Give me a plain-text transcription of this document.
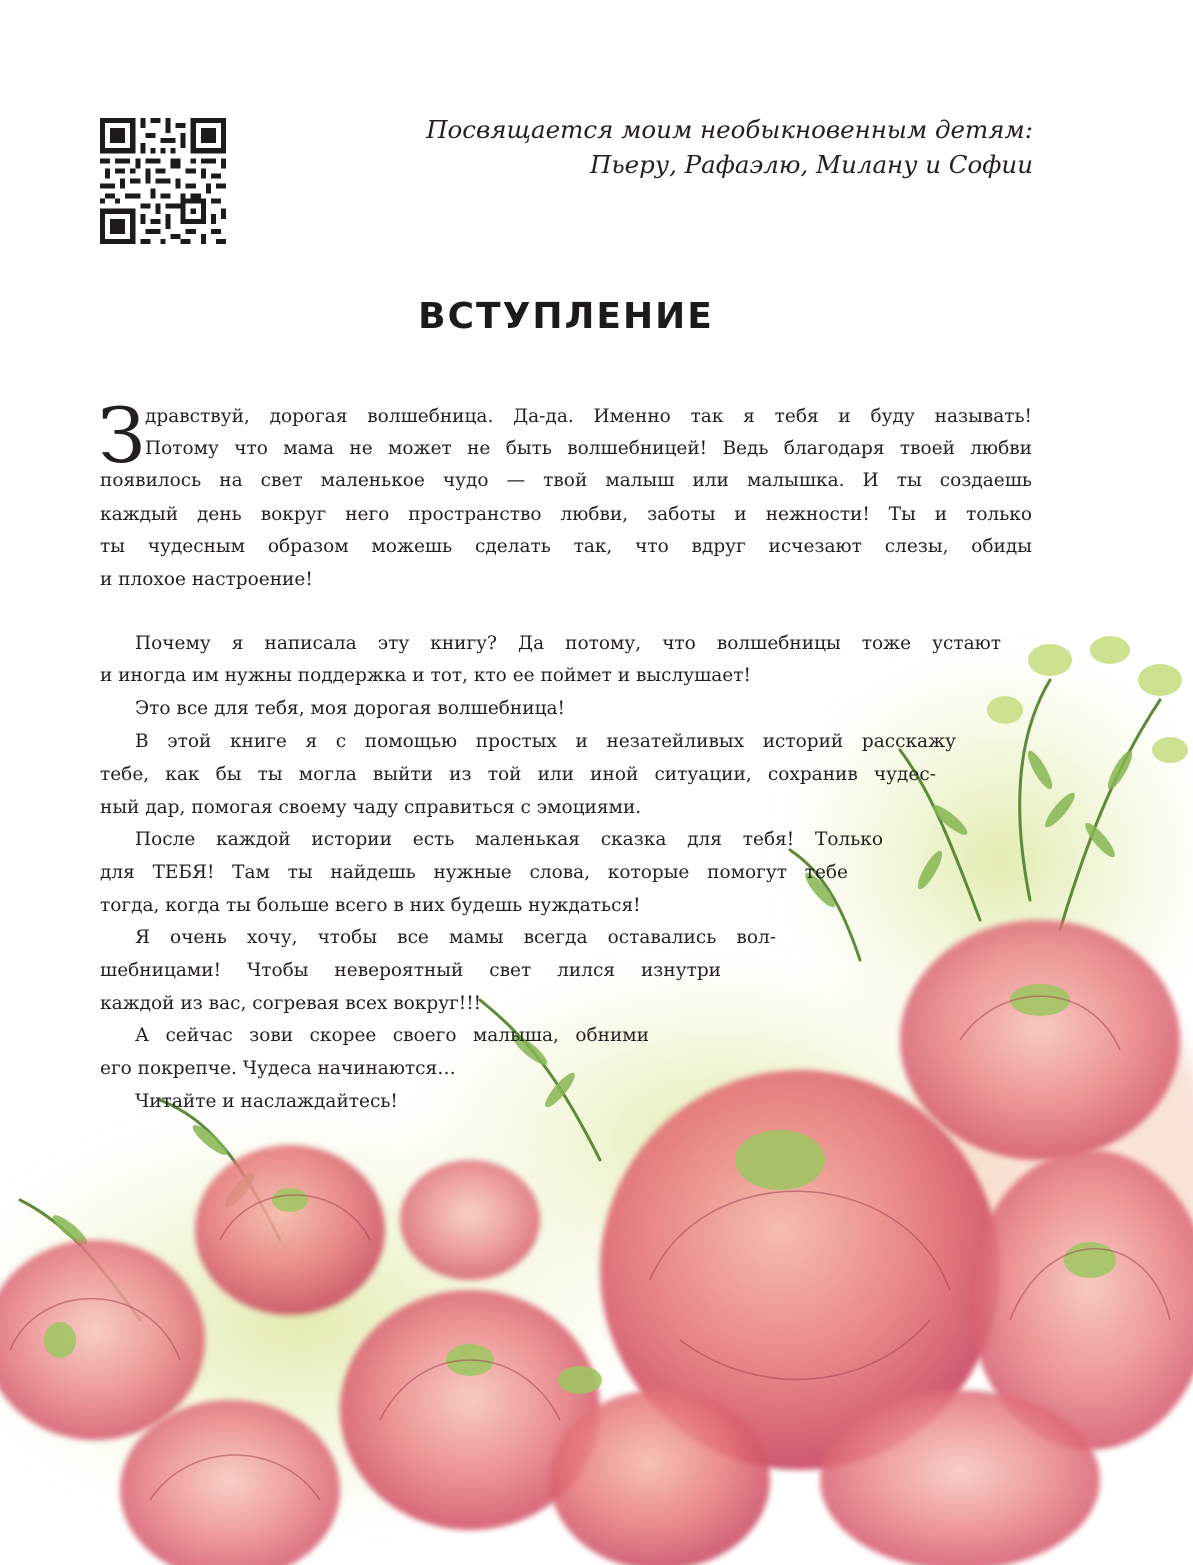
Посвящается моим необыкновенным детям:
Пьеру, Рафаэлю, Милану и Софии
ВСТУПЛЕНИЕ
З дравствуй, дорогая волшебница. Да-да. Именно так я тебя и буду называть!
Потому что мама не может не быть волшебницей! Ведь благодаря твоей любви
появилось на свет маленькое чудо — твой малыш или малышка. И ты создаешь
каждый день вокруг него пространство любви, заботы и нежности! Ты и только
ты чудесным образом можешь сделать так, что вдруг исчезают слезы, обиды
и плохое настроение!
Почему я написала эту книгу? Да потому, что волшебницы тоже устают
и иногда им нужны поддержка и тот, кто ее поймет и выслушает!
Это все для тебя, моя дорогая волшебница!
В этой книге я с помощью простых и незатейливых историй расскажу
тебе, как бы ты могла выйти из той или иной ситуации, сохранив чудес-
ный дар, помогая своему чаду справиться с эмоциями.
После каждой истории есть маленькая сказка для тебя! Только
для ТЕБЯ! Там ты найдешь нужные слова, которые помогут тебе
тогда, когда ты больше всего в них будешь нуждаться!
Я очень хочу, чтобы все мамы всегда оставались вол-
шебницами! Чтобы невероятный свет лился изнутри
каждой из вас, согревая всех вокруг!!!
А сейчас зови скорее своего малыша, обними
его покрепче. Чудеса начинаются…
Читайте и наслаждайтесь!
